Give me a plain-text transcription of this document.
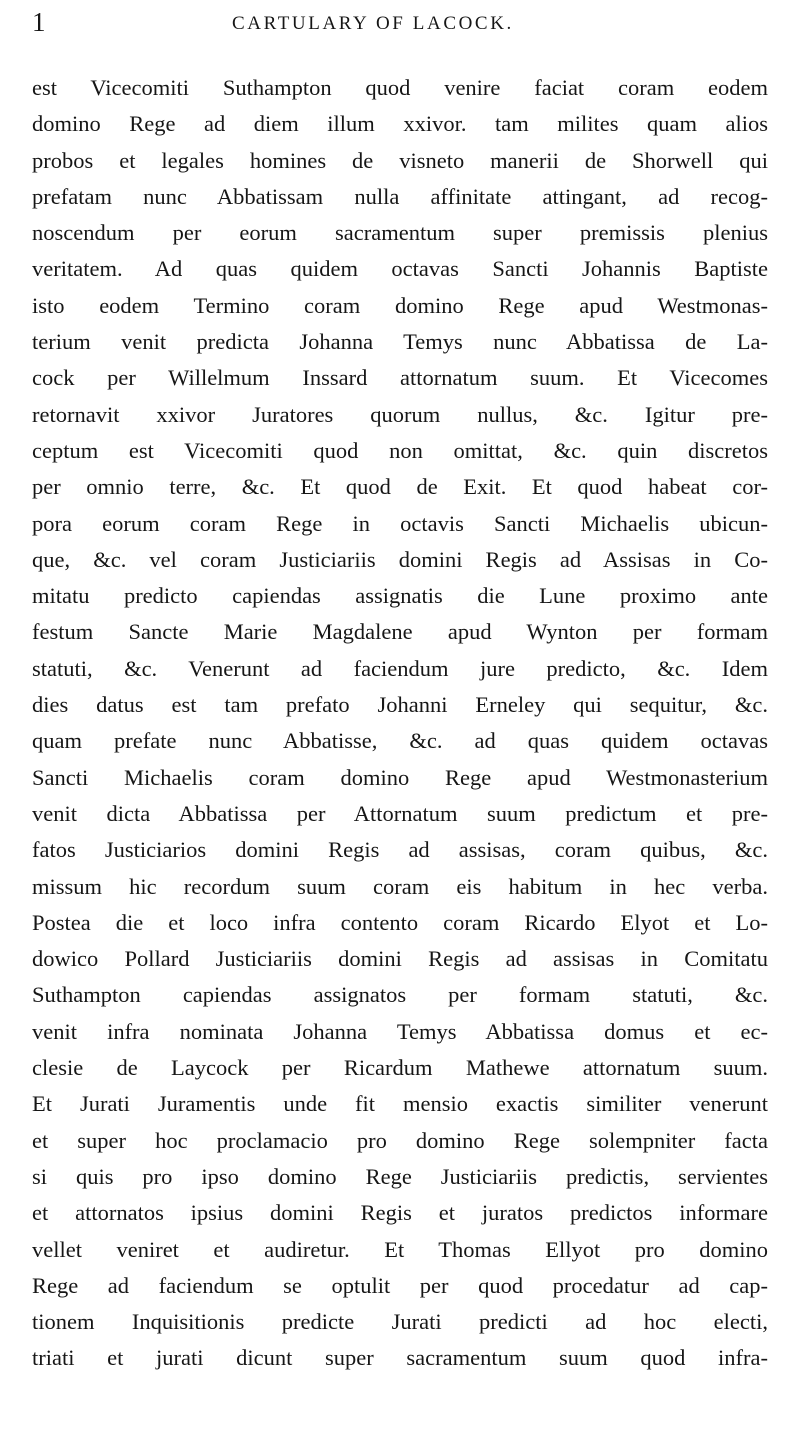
1	CARTULARY OF LACOCK.
est Vicecomiti Suthampton quod venire faciat coram eodem
domino Rege ad diem illum xxivor. tam milites quam alios
probos et legales homines de visneto manerii de Shorwell qui
prefatam nunc Abbatissam nulla affinitate attingant, ad recog-
noscendum per eorum sacramentum super premissis plenius
veritatem. Ad quas quidem octavas Sancti Johannis Baptiste
isto eodem Termino coram domino Rege apud Westmonas-
terium venit predicta Johanna Temys nunc Abbatissa de La-
cock per Willelmum Inssard attornatum suum. Et Vicecomes
retornavit xxivor Juratores quorum nullus, &c. Igitur pre-
ceptum est Vicecomiti quod non omittat, &c. quin discretos
per omnio terre, &c. Et quod de Exit. Et quod habeat cor-
pora eorum coram Rege in octavis Sancti Michaelis ubicun-
que, &c. vel coram Justiciariis domini Regis ad Assisas in Co-
mitatu predicto capiendas assignatis die Lune proximo ante
festum Sancte Marie Magdalene apud Wynton per formam
statuti, &c. Venerunt ad faciendum jure predicto, &c. Idem
dies datus est tam prefato Johanni Erneley qui sequitur, &c.
quam prefate nunc Abbatisse, &c. ad quas quidem octavas
Sancti Michaelis coram domino Rege apud Westmonasterium
venit dicta Abbatissa per Attornatum suum predictum et pre-
fatos Justiciarios domini Regis ad assisas, coram quibus, &c.
missum hic recordum suum coram eis habitum in hec verba.
Postea die et loco infra contento coram Ricardo Elyot et Lo-
dowico Pollard Justiciariis domini Regis ad assisas in Comitatu
Suthampton capiendas assignatos per formam statuti, &c.
venit infra nominata Johanna Temys Abbatissa domus et ec-
clesie de Laycock per Ricardum Mathewe attornatum suum.
Et Jurati Juramentis unde fit mensio exactis similiter venerunt
et super hoc proclamacio pro domino Rege solempniter facta
si quis pro ipso domino Rege Justiciariis predictis, servientes
et attornatos ipsius domini Regis et juratos predictos informare
vellet veniret et audiretur. Et Thomas Ellyot pro domino
Rege ad faciendum se optulit per quod procedatur ad cap-
tionem Inquisitionis predicte Jurati predicti ad hoc electi,
triati et jurati dicunt super sacramentum suum quod infra-
